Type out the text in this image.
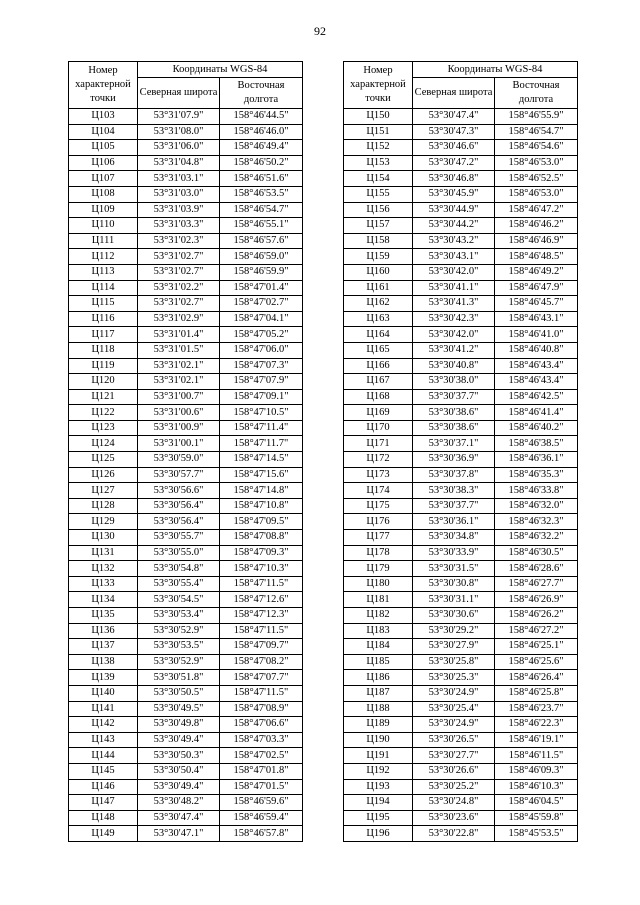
92
Номер характерной точки	Координаты WGS-84	
	Северная широта	Восточная долгота
Ц103	53°31'07.9"	158°46'44.5"
Ц104	53°31'08.0"	158°46'46.0"
Ц105	53°31'06.0"	158°46'49.4"
Ц106	53°31'04.8"	158°46'50.2"
Ц107	53°31'03.1"	158°46'51.6"
Ц108	53°31'03.0"	158°46'53.5"
Ц109	53°31'03.9"	158°46'54.7"
Ц110	53°31'03.3"	158°46'55.1"
Ц111	53°31'02.3"	158°46'57.6"
Ц112	53°31'02.7"	158°46'59.0"
Ц113	53°31'02.7"	158°46'59.9"
Ц114	53°31'02.2"	158°47'01.4"
Ц115	53°31'02.7"	158°47'02.7"
Ц116	53°31'02.9"	158°47'04.1"
Ц117	53°31'01.4"	158°47'05.2"
Ц118	53°31'01.5"	158°47'06.0"
Ц119	53°31'02.1"	158°47'07.3"
Ц120	53°31'02.1"	158°47'07.9"
Ц121	53°31'00.7"	158°47'09.1"
Ц122	53°31'00.6"	158°47'10.5"
Ц123	53°31'00.9"	158°47'11.4"
Ц124	53°31'00.1"	158°47'11.7"
Ц125	53°30'59.0"	158°47'14.5"
Ц126	53°30'57.7"	158°47'15.6"
Ц127	53°30'56.6"	158°47'14.8"
Ц128	53°30'56.4"	158°47'10.8"
Ц129	53°30'56.4"	158°47'09.5"
Ц130	53°30'55.7"	158°47'08.8"
Ц131	53°30'55.0"	158°47'09.3"
Ц132	53°30'54.8"	158°47'10.3"
Ц133	53°30'55.4"	158°47'11.5"
Ц134	53°30'54.5"	158°47'12.6"
Ц135	53°30'53.4"	158°47'12.3"
Ц136	53°30'52.9"	158°47'11.5"
Ц137	53°30'53.5"	158°47'09.7"
Ц138	53°30'52.9"	158°47'08.2"
Ц139	53°30'51.8"	158°47'07.7"
Ц140	53°30'50.5"	158°47'11.5"
Ц141	53°30'49.5"	158°47'08.9"
Ц142	53°30'49.8"	158°47'06.6"
Ц143	53°30'49.4"	158°47'03.3"
Ц144	53°30'50.3"	158°47'02.5"
Ц145	53°30'50.4"	158°47'01.8"
Ц146	53°30'49.4"	158°47'01.5"
Ц147	53°30'48.2"	158°46'59.6"
Ц148	53°30'47.4"	158°46'59.4"
Ц149	53°30'47.1"	158°46'57.8"
Номер характерной точки	Координаты WGS-84	
	Северная широта	Восточная долгота
Ц150	53°30'47.4"	158°46'55.9"
Ц151	53°30'47.3"	158°46'54.7"
Ц152	53°30'46.6"	158°46'54.6"
Ц153	53°30'47.2"	158°46'53.0"
Ц154	53°30'46.8"	158°46'52.5"
Ц155	53°30'45.9"	158°46'53.0"
Ц156	53°30'44.9"	158°46'47.2"
Ц157	53°30'44.2"	158°46'46.2"
Ц158	53°30'43.2"	158°46'46.9"
Ц159	53°30'43.1"	158°46'48.5"
Ц160	53°30'42.0"	158°46'49.2"
Ц161	53°30'41.1"	158°46'47.9"
Ц162	53°30'41.3"	158°46'45.7"
Ц163	53°30'42.3"	158°46'43.1"
Ц164	53°30'42.0"	158°46'41.0"
Ц165	53°30'41.2"	158°46'40.8"
Ц166	53°30'40.8"	158°46'43.4"
Ц167	53°30'38.0"	158°46'43.4"
Ц168	53°30'37.7"	158°46'42.5"
Ц169	53°30'38.6"	158°46'41.4"
Ц170	53°30'38.6"	158°46'40.2"
Ц171	53°30'37.1"	158°46'38.5"
Ц172	53°30'36.9"	158°46'36.1"
Ц173	53°30'37.8"	158°46'35.3"
Ц174	53°30'38.3"	158°46'33.8"
Ц175	53°30'37.7"	158°46'32.0"
Ц176	53°30'36.1"	158°46'32.3"
Ц177	53°30'34.8"	158°46'32.2"
Ц178	53°30'33.9"	158°46'30.5"
Ц179	53°30'31.5"	158°46'28.6"
Ц180	53°30'30.8"	158°46'27.7"
Ц181	53°30'31.1"	158°46'26.9"
Ц182	53°30'30.6"	158°46'26.2"
Ц183	53°30'29.2"	158°46'27.2"
Ц184	53°30'27.9"	158°46'25.1"
Ц185	53°30'25.8"	158°46'25.6"
Ц186	53°30'25.3"	158°46'26.4"
Ц187	53°30'24.9"	158°46'25.8"
Ц188	53°30'25.4"	158°46'23.7"
Ц189	53°30'24.9"	158°46'22.3"
Ц190	53°30'26.5"	158°46'19.1"
Ц191	53°30'27.7"	158°46'11.5"
Ц192	53°30'26.6"	158°46'09.3"
Ц193	53°30'25.2"	158°46'10.3"
Ц194	53°30'24.8"	158°46'04.5"
Ц195	53°30'23.6"	158°45'59.8"
Ц196	53°30'22.8"	158°45'53.5"
